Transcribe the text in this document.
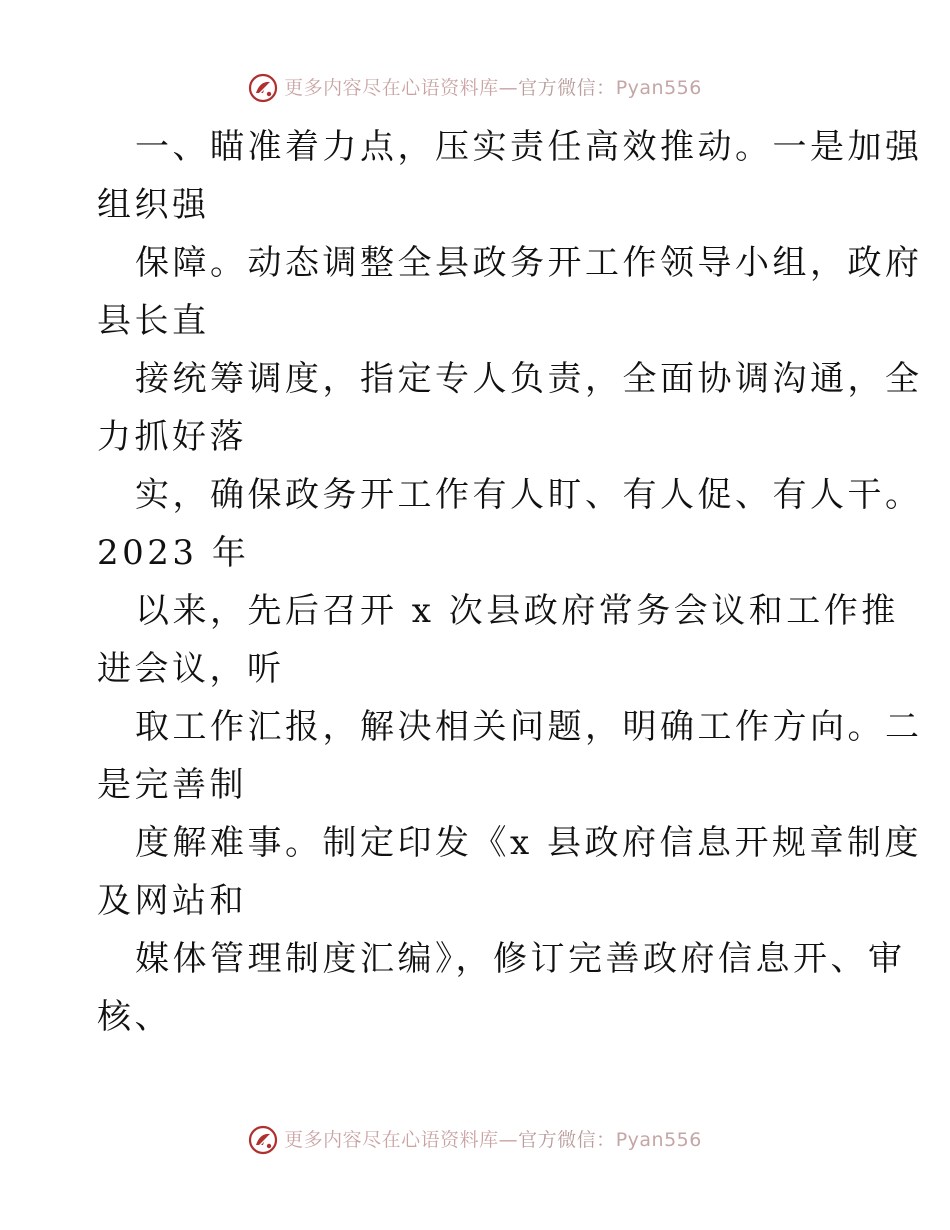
更多内容尽在心语资料库—官方微信：Pyan556
一、瞄准着力点，压实责任高效推动。一是加强
组织强
保障。动态调整全县政务开工作领导小组，政府
县长直
接统筹调度，指定专人负责，全面协调沟通，全
力抓好落
实，确保政务开工作有人盯、有人促、有人干。
2023 年
以来，先后召开 x 次县政府常务会议和工作推
进会议，听
取工作汇报，解决相关问题，明确工作方向。二
是完善制
度解难事。制定印发《x 县政府信息开规章制度
及网站和
媒体管理制度汇编》，修订完善政府信息开、审
核、
更多内容尽在心语资料库—官方微信：Pyan556
